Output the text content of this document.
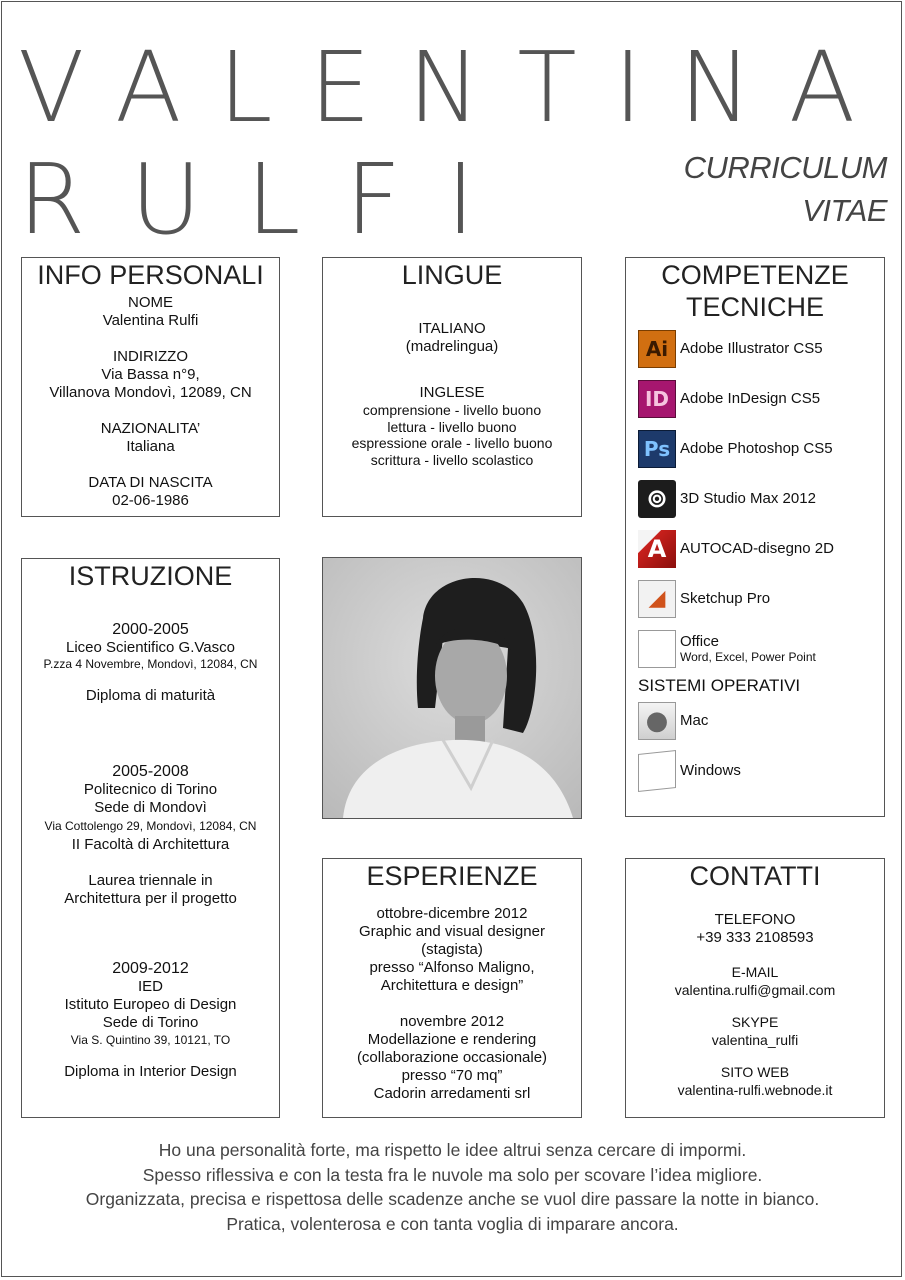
VALENTINA
RULFI	CURRICULUM
VITAE
INFO PERSONALI
NOME
Valentina Rulfi
INDIRIZZO
Via Bassa n°9,
Villanova Mondovì, 12089, CN
NAZIONALITA’
Italiana
DATA DI NASCITA
02-06-1986
LINGUE
ITALIANO
(madrelingua)
INGLESE
comprensione - livello buono
lettura - livello buono
espressione orale - livello buono
scrittura - livello scolastico
COMPETENZE
TECNICHE
Ai Adobe Illustrator CS5
ID Adobe InDesign CS5
Ps Adobe Photoshop CS5
⊚ 3D Studio Max 2012
A AUTOCAD-disegno 2D
◢ Sketchup Pro
Office
Word, Excel, Power Point
SISTEMI OPERATIVI
● Mac
Windows
ISTRUZIONE
2000-2005
Liceo Scientifico G.Vasco
P.zza 4 Novembre, Mondovì, 12084, CN
Diploma di maturità
2005-2008
Politecnico di Torino
Sede di Mondovì
Via Cottolengo 29, Mondovì, 12084, CN
II Facoltà di Architettura
Laurea triennale in
Architettura per il progetto
2009-2012
IED
Istituto Europeo di Design
Sede di Torino
Via S. Quintino 39, 10121, TO
Diploma in Interior Design
ESPERIENZE
ottobre-dicembre 2012
Graphic and visual designer
(stagista)
presso “Alfonso Maligno,
Architettura e design”
novembre 2012
Modellazione e rendering
(collaborazione occasionale)
presso “70 mq”
Cadorin arredamenti srl
CONTATTI
TELEFONO
+39 333 2108593
E-MAIL
valentina.rulfi@gmail.com
SKYPE
valentina_rulfi
SITO WEB
valentina-rulfi.webnode.it
Ho una personalità forte, ma rispetto le idee altrui senza cercare di impormi.
Spesso riflessiva e con la testa fra le nuvole ma solo per scovare l’idea migliore.
Organizzata, precisa e rispettosa delle scadenze anche se vuol dire passare la notte in bianco.
Pratica, volenterosa e con tanta voglia di imparare ancora.
